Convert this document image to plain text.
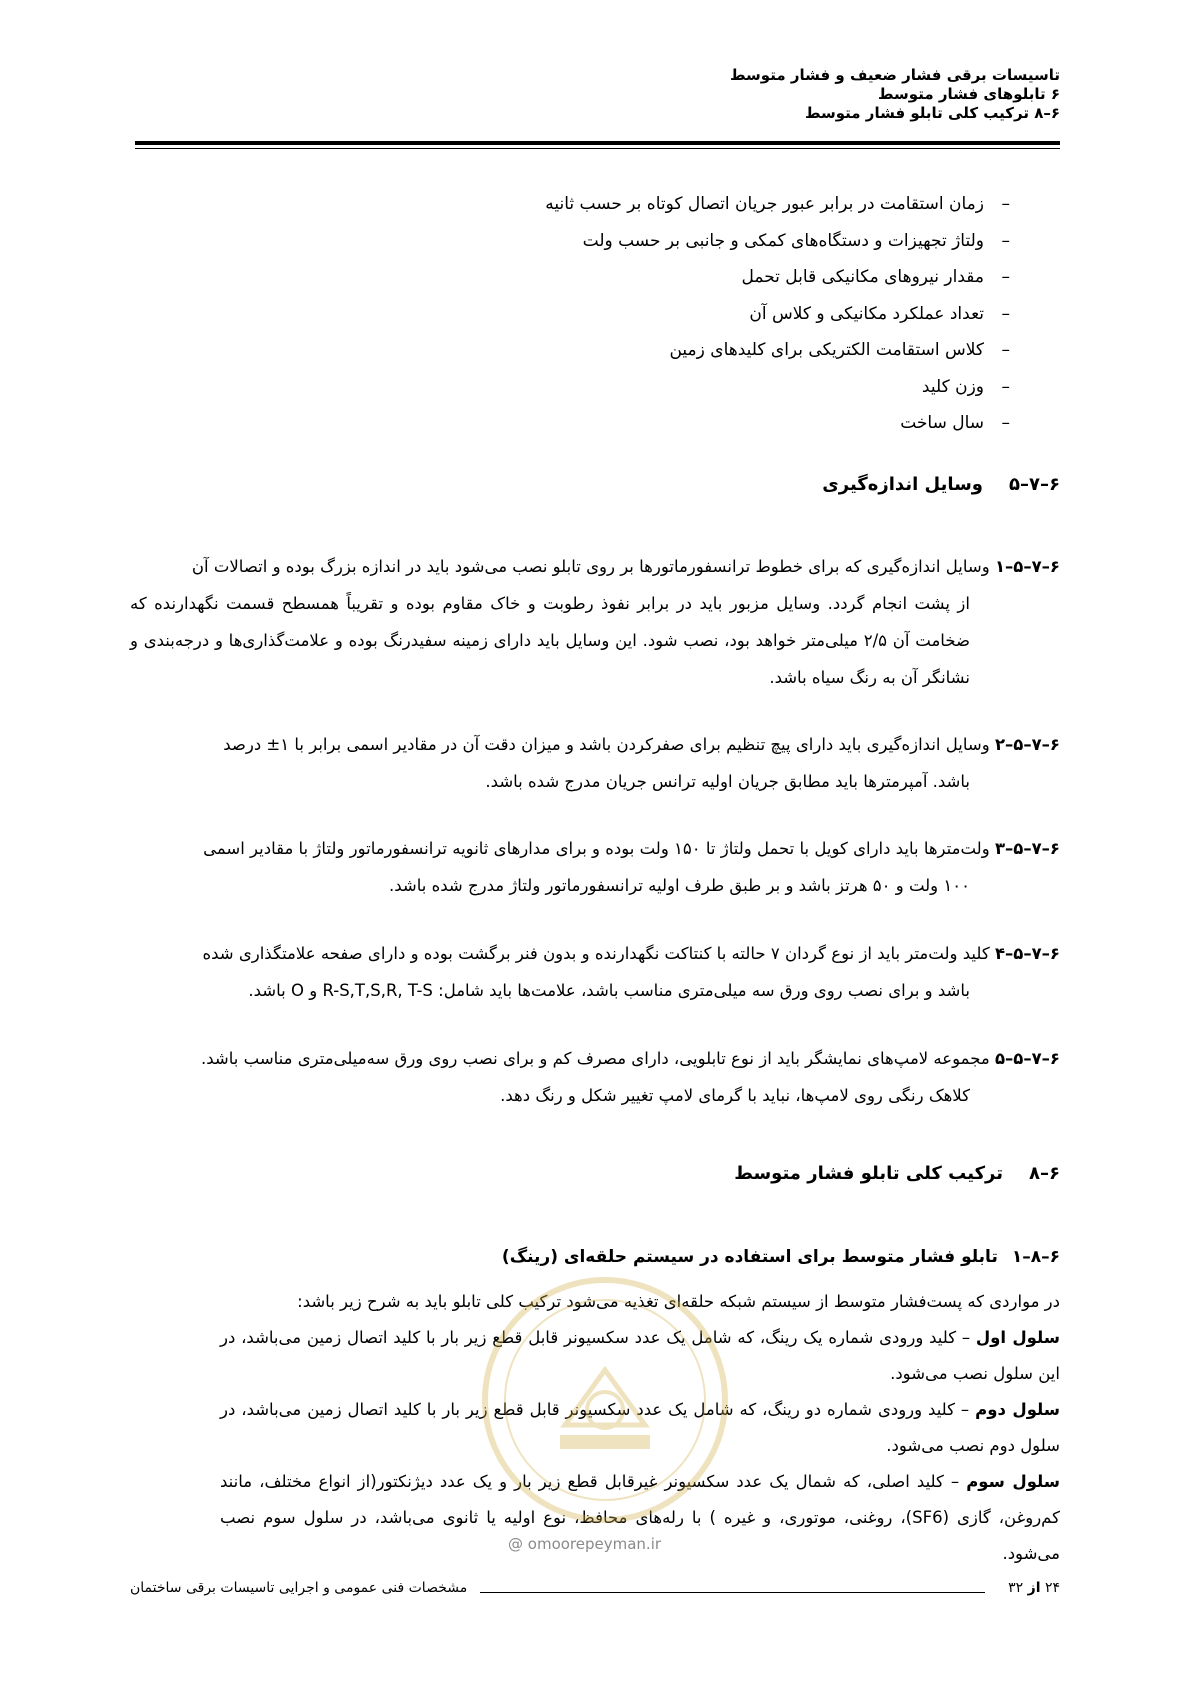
تاسیسات برقی فشار ضعیف و فشار متوسط
۶ تابلوهای فشار متوسط
۶–۸ ترکیب کلی تابلو فشار متوسط
–زمان استقامت در برابر عبور جریان اتصال کوتاه بر حسب ثانیه
–ولتاژ تجهیزات و دستگاه‌های کمکی و جانبی بر حسب ولت
–مقدار نیروهای مکانیکی قابل تحمل
–تعداد عملکرد مکانیکی و کلاس آن
–کلاس استقامت الکتریکی برای کلیدهای زمین
–وزن کلید
–سال ساخت
۶–۷–۵وسایل اندازه‌گیری
۶–۷–۵–۱ وسایل اندازه‌گیری که برای خطوط ترانسفورماتورها بر روی تابلو نصب می‌شود باید در اندازه بزرگ بوده و اتصالات آن
از پشت انجام گردد. وسایل مزبور باید در برابر نفوذ رطوبت و خاک مقاوم بوده و تقریباً همسطح قسمت نگهدارنده که ضخامت آن ۲/۵ میلی‌متر خواهد بود، نصب شود. این وسایل باید دارای زمینه سفیدرنگ بوده و علامت‌گذاری‌ها و درجه‌بندی و نشانگر آن به رنگ سیاه باشد.
۶–۷–۵–۲ وسایل اندازه‌گیری باید دارای پیچ تنظیم برای صفرکردن باشد و میزان دقت آن در مقادیر اسمی برابر با ۱± درصد
باشد. آمپرمترها باید مطابق جریان اولیه ترانس جریان مدرج شده باشد.
۶–۷–۵–۳ ولت‌مترها باید دارای کویل با تحمل ولتاژ تا ۱۵۰ ولت بوده و برای مدارهای ثانویه ترانسفورماتور ولتاژ با مقادیر اسمی
۱۰۰ ولت و ۵۰ هرتز باشد و بر طبق طرف اولیه ترانسفورماتور ولتاژ مدرج شده باشد.
۶–۷–۵–۴ کلید ولت‌متر باید از نوع گردان ۷ حالته با کنتاکت نگهدارنده و بدون فنر برگشت بوده و دارای صفحه علامتگذاری شده
باشد و برای نصب روی ورق سه میلی‌متری مناسب باشد، علامت‌ها باید شامل: R-S,T,S,R, T-S و O باشد.
۶–۷–۵–۵ مجموعه لامپ‌های نمایشگر باید از نوع تابلویی، دارای مصرف کم و برای نصب روی ورق سه‌میلی‌متری مناسب باشد.
کلاهک رنگی روی لامپ‌ها، نباید با گرمای لامپ تغییر شکل و رنگ دهد.
۶–۸ترکیب کلی تابلو فشار متوسط
۶–۸–۱تابلو فشار متوسط برای استفاده در سیستم حلقه‌ای (رینگ)

در مواردی که پست‌فشار متوسط از سیستم شبکه حلقه‌ای تغذیه می‌شود ترکیب کلی تابلو باید به شرح زیر باشد:

سلول اول – کلید ورودی شماره یک رینگ، که شامل یک عدد سکسیونر قابل قطع زیر بار با کلید اتصال زمین می‌باشد، در این سلول نصب می‌شود.

سلول دوم – کلید ورودی شماره دو رینگ، که شامل یک عدد سکسیونر قابل قطع زیر بار با کلید اتصال زمین می‌باشد، در سلول دوم نصب می‌شود.

سلول سوم – کلید اصلی، که شمال یک عدد سکسیونر غیرقابل قطع زیر بار و یک عدد دیژنکتور(از انواع مختلف، مانند کم‌روغن، گازی (SF6)، روغنی، موتوری، و غیره ) با رله‌های محافظ، نوع اولیه یا ثانوی می‌باشد، در سلول سوم نصب می‌شود.

@ omoorepeyman.ir
۲۴ از ۳۲
مشخصات فنی عمومی و اجرایی تاسیسات برقی ساختمان
